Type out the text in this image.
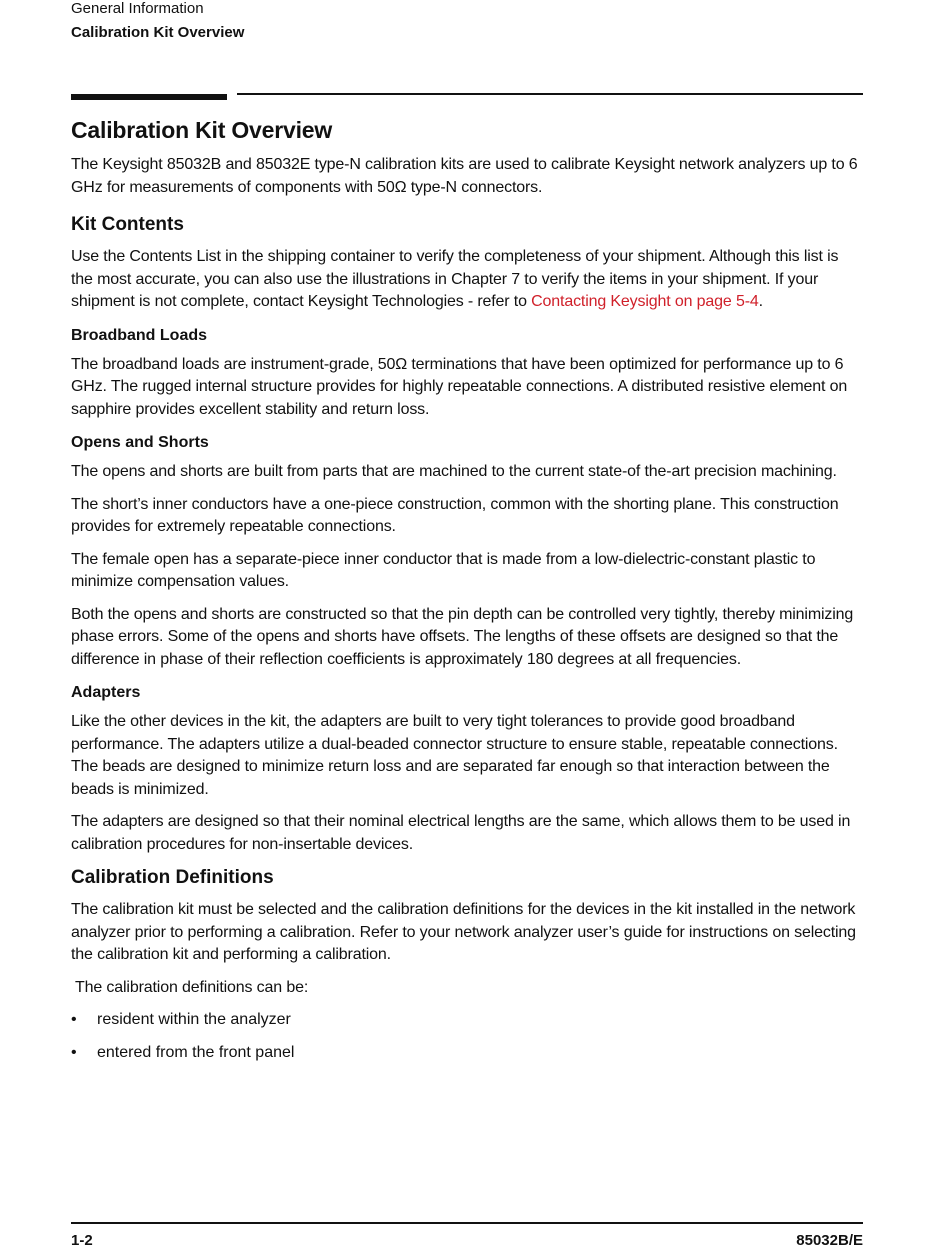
General Information
Calibration Kit Overview
Calibration Kit Overview

The Keysight 85032B and 85032E type-N calibration kits are used to calibrate Keysight network analyzers up to 6 GHz for measurements of components with 50Ω type-N connectors.

Kit Contents

Use the Contents List in the shipping container to verify the completeness of your shipment. Although this list is the most accurate, you can also use the illustrations in Chapter 7 to verify the items in your shipment. If your shipment is not complete, contact Keysight Technologies - refer to Contacting Keysight on page 5-4.

Broadband Loads

The broadband loads are instrument-grade, 50Ω terminations that have been optimized for performance up to 6 GHz. The rugged internal structure provides for highly repeatable connections. A distributed resistive element on sapphire provides excellent stability and return loss.

Opens and Shorts

The opens and shorts are built from parts that are machined to the current state-of the-art precision machining.

The short’s inner conductors have a one-piece construction, common with the shorting plane. This construction provides for extremely repeatable connections.

The female open has a separate-piece inner conductor that is made from a low-dielectric-constant plastic to minimize compensation values.

Both the opens and shorts are constructed so that the pin depth can be controlled very tightly, thereby minimizing phase errors. Some of the opens and shorts have offsets. The lengths of these offsets are designed so that the difference in phase of their reflection coefficients is approximately 180 degrees at all frequencies.

Adapters

Like the other devices in the kit, the adapters are built to very tight tolerances to provide good broadband performance. The adapters utilize a dual-beaded connector structure to ensure stable, repeatable connections. The beads are designed to minimize return loss and are separated far enough so that interaction between the beads is minimized.

The adapters are designed so that their nominal electrical lengths are the same, which allows them to be used in calibration procedures for non-insertable devices.

Calibration Definitions

The calibration kit must be selected and the calibration definitions for the devices in the kit installed in the network analyzer prior to performing a calibration. Refer to your network analyzer user’s guide for instructions on selecting the calibration kit and performing a calibration.

The calibration definitions can be:

• resident within the analyzer
• entered from the front panel
1-2	85032B/E
